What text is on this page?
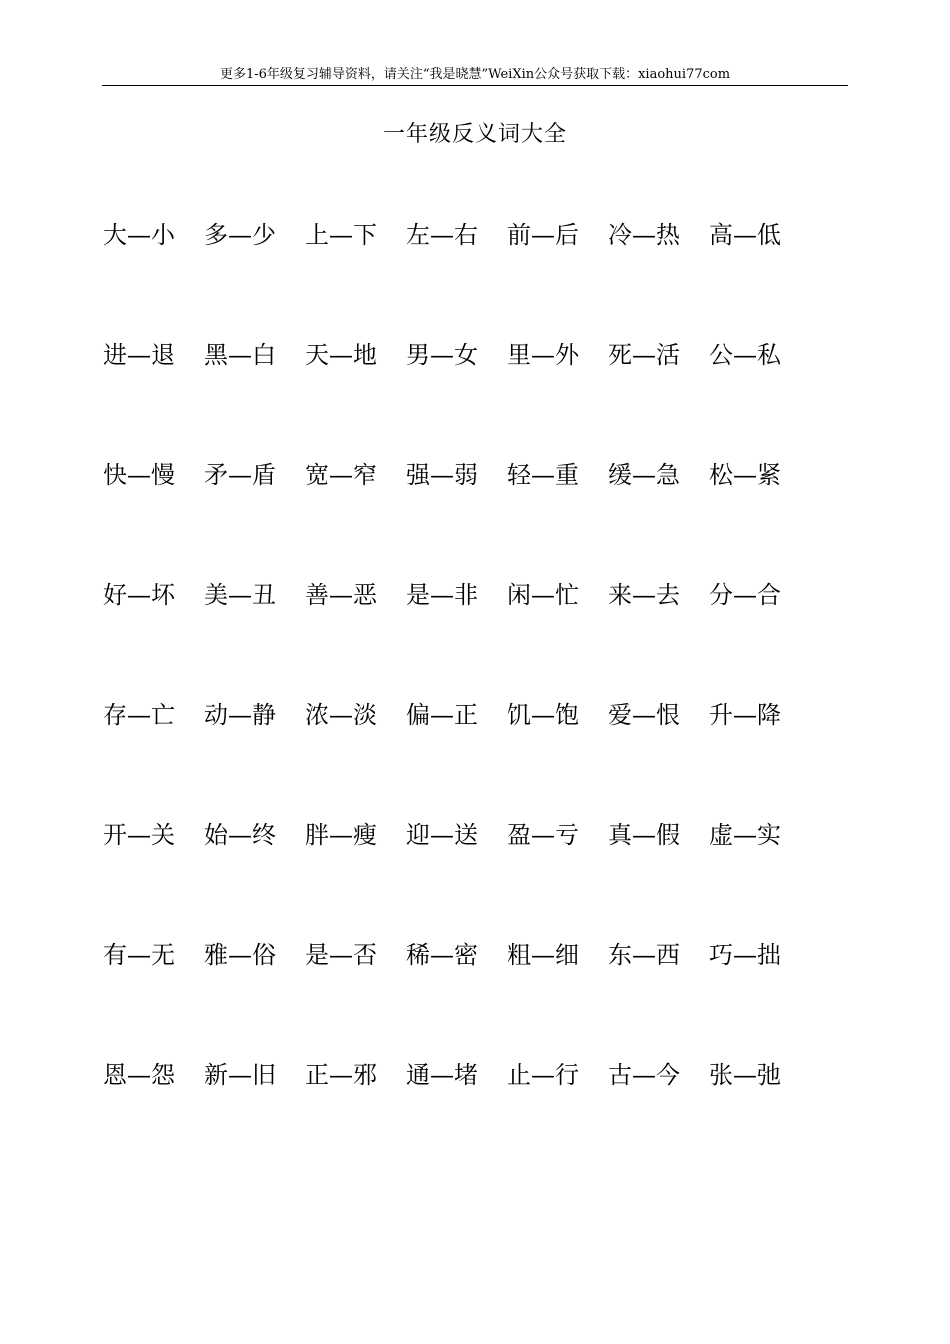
更多1-6年级复习辅导资料，请关注“我是晓慧”WeiXin公众号获取下载：xiaohui77com
一年级反义词大全
大—小	多—少	上—下	左—右	前—后	冷—热	高—低
进—退	黑—白	天—地	男—女	里—外	死—活	公—私
快—慢	矛—盾	宽—窄	强—弱	轻—重	缓—急	松—紧
好—坏	美—丑	善—恶	是—非	闲—忙	来—去	分—合
存—亡	动—静	浓—淡	偏—正	饥—饱	爱—恨	升—降
开—关	始—终	胖—瘦	迎—送	盈—亏	真—假	虚—实
有—无	雅—俗	是—否	稀—密	粗—细	东—西	巧—拙
恩—怨	新—旧	正—邪	通—堵	止—行	古—今	张—弛
